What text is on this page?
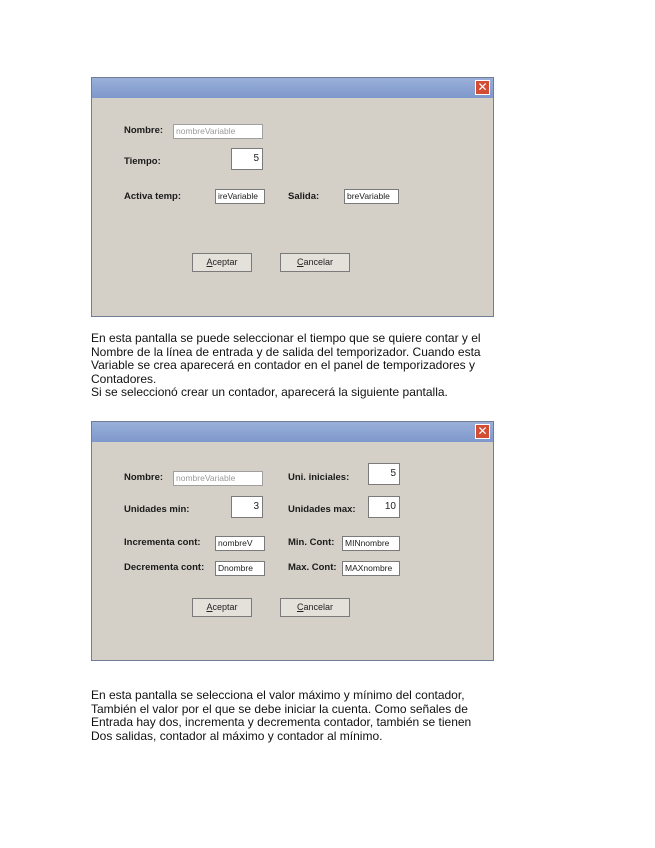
✕
Nombre:	nombreVariable
Tiempo:	5
Activa temp:	ireVariable	Salida:	breVariable
Aceptar	Cancelar
En esta pantalla se puede seleccionar el tiempo que se quiere contar y el
Nombre de la línea de entrada y de salida del temporizador. Cuando esta
Variable se crea aparecerá en contador en el panel de temporizadores y
Contadores.
Si se seleccionó crear un contador, aparecerá la siguiente pantalla.
✕
Nombre:	nombreVariable	Uni. iniciales:	5
Unidades min:	3	Unidades max:	10
Incrementa cont:	nombreV	Min. Cont:	MINnombre
Decrementa cont:	Dnombre	Max. Cont: MAXnombre
Aceptar	Cancelar
En esta pantalla se selecciona el valor máximo y mínimo del contador,
También el valor por el que se debe iniciar la cuenta. Como señales de
Entrada hay dos, incrementa y decrementa contador, también se tienen
Dos salidas, contador al máximo y contador al mínimo.
